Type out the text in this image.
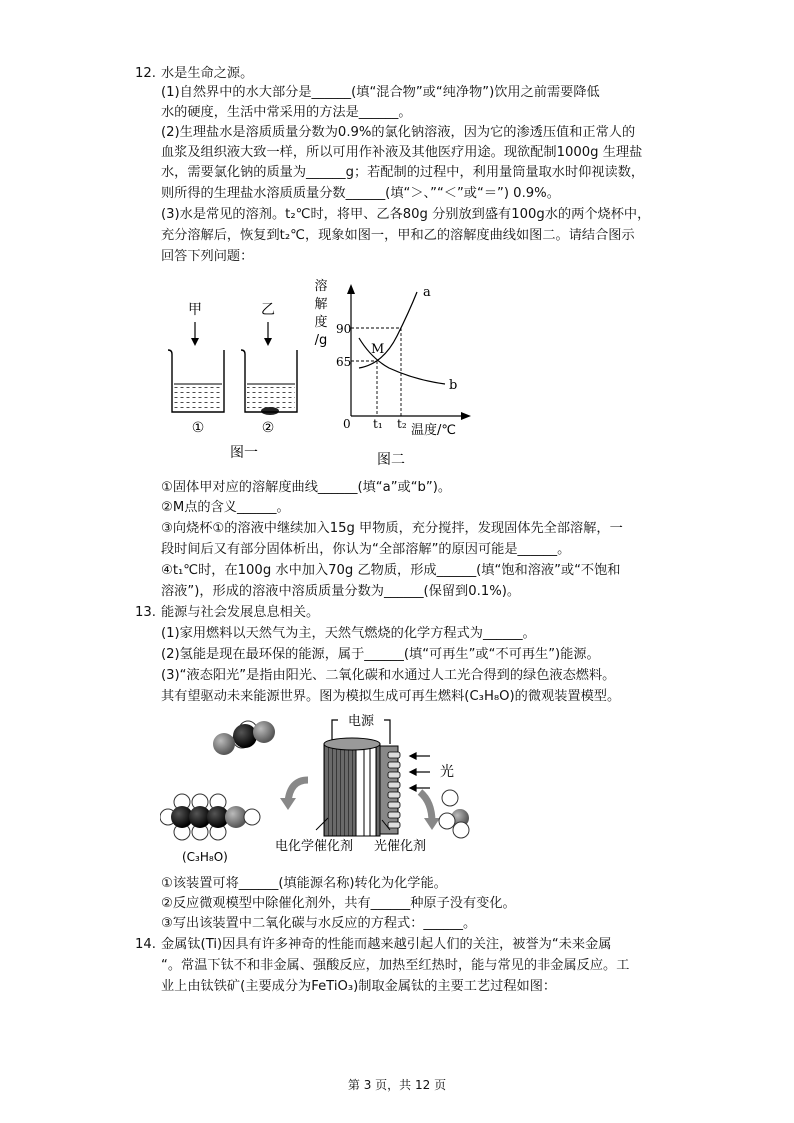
12. 水是生命之源。
(1)自然界中的水大部分是______(填“混合物”或“纯净物”)饮用之前需要降低
水的硬度，生活中常采用的方法是______。
(2)生理盐水是溶质质量分数为0.9%的氯化钠溶液，因为它的渗透压值和正常人的
血浆及组织液大致一样，所以可用作补液及其他医疗用途。现欲配制1000g 生理盐
水，需要氯化钠的质量为______g；若配制的过程中，利用量筒量取水时仰视读数，
则所得的生理盐水溶质质量分数______(填“＞、”“＜”或“＝”) 0.9%。
(3)水是常见的溶剂。t₂℃时，将甲、乙各80g 分别放到盛有100g水的两个烧杯中，
充分溶解后，恢复到t₂℃，现象如图一，甲和乙的溶解度曲线如图二。请结合图示
回答下列问题：
甲	乙
①	②
图一
溶
解
度
/g
90
65
a
b
M
0 t₁ t₂ 温度/℃
图二
①固体甲对应的溶解度曲线______(填“a”或“b”)。
②M点的含义______。
③向烧杯①的溶液中继续加入15g 甲物质，充分搅拌，发现固体先全部溶解，一
段时间后又有部分固体析出，你认为“全部溶解”的原因可能是______。
④t₁℃时，在100g 水中加入70g 乙物质，形成______(填“饱和溶液”或“不饱和
溶液”)，形成的溶液中溶质质量分数为______(保留到0.1%)。
13. 能源与社会发展息息相关。
(1)家用燃料以天然气为主，天然气燃烧的化学方程式为______。
(2)氢能是现在最环保的能源，属于______(填“可再生”或“不可再生”)能源。
(3)“液态阳光”是指由阳光、二氧化碳和水通过人工光合得到的绿色液态燃料。
其有望驱动未来能源世界。图为模拟生成可再生燃料(C₃H₈O)的微观装置模型。
电源
光
(C₃H₈O)
电化学催化剂 光催化剂
①该装置可将______(填能源名称)转化为化学能。
②反应微观模型中除催化剂外，共有______种原子没有变化。
③写出该装置中二氧化碳与水反应的方程式：______。
14. 金属钛(Ti)因具有许多神奇的性能而越来越引起人们的关注，被誉为“未来金属
“。常温下钛不和非金属、强酸反应，加热至红热时，能与常见的非金属反应。工
业上由钛铁矿(主要成分为FeTiO₃)制取金属钛的主要工艺过程如图：
第 3 页，共 12 页
